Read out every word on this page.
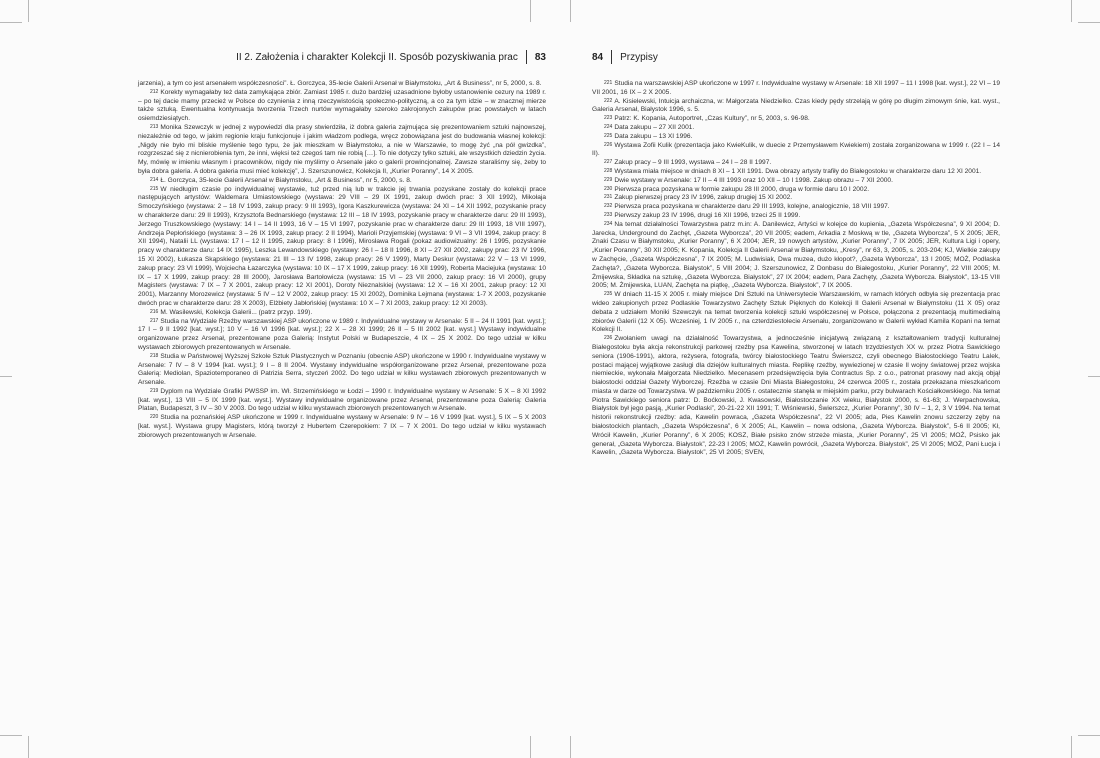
II 2. Założenia i charakter Kolekcji II. Sposób pozyskiwania prac 83

jarzenia), a tym co jest arsenałem współczesności”. Ł. Gorczyca, 35-lecie Galerii Arsenał w Białymstoku, „Art & Business”, nr 5, 2000, s. 8.

$^{212}$ Korekty wymagałaby też data zamykająca zbiór. Zamiast 1985 r. dużo bardziej uzasadnione byłoby ustanowienie cezury na 1989 r. – po tej dacie mamy przecież w Polsce do czynienia z inną rzeczywistością społeczno-polityczną, a co za tym idzie – w znacznej mierze także sztuką. Ewentualna kontynuacja tworzenia Trzech nurtów wymagałaby szeroko zakrojonych zakupów prac powstałych w latach osiemdziesiątych.

$^{213}$ Monika Szewczyk w jednej z wypowiedzi dla prasy stwierdziła, iż dobra galeria zajmująca się prezentowaniem sztuki najnowszej, niezależnie od tego, w jakim regionie kraju funkcjonuje i jakim władzom podlega, wręcz zobowiązana jest do budowania własnej kolekcji: „Nigdy nie było mi bliskie myślenie tego typu, że jak mieszkam w Białymstoku, a nie w Warszawie, to mogę żyć „na pół gwizdka”, rozgrzeszać się z nicnierobienia tym, że inni, więksi też czegoś tam nie robią […]. To nie dotyczy tylko sztuki, ale wszystkich dziedzin życia. My, mówię w imieniu własnym i pracowników, nigdy nie myślimy o Arsenale jako o galerii prowincjonalnej. Zawsze staraliśmy się, żeby to była dobra galeria. A dobra galeria musi mieć kolekcję”, J. Szerszunowicz, Kolekcja II, „Kurier Poranny”, 14 X 2005.

$^{214}$ Ł. Gorczyca, 35-lecie Galerii Arsenał w Białymstoku, „Art & Business”, nr 5, 2000, s. 8.

$^{215}$ W niedługim czasie po indywidualnej wystawie, tuż przed nią lub w trakcie jej trwania pozyskane zostały do kolekcji prace następujących artystów: Waldemara Umiastowskiego (wystawa: 29 VIII – 29 IX 1991, zakup dwóch prac: 3 XII 1992), Mikołaja Smoczyńskiego (wystawa: 2 – 18 IV 1993, zakup pracy: 9 III 1993), Igora Kaszkurewicza (wystawa: 24 XI – 14 XII 1992, pozyskanie pracy w charakterze daru: 29 II 1993), Krzysztofa Bednarskiego (wystawa: 12 III – 18 IV 1993, pozyskanie pracy w charakterze daru: 29 III 1993), Jerzego Truszkowskiego (wystawy: 14 I – 14 II 1993, 16 V – 15 VI 1997, pozyskanie prac w charakterze daru: 29 III 1993, 18 VIII 1997), Andrzeja Pepłońskiego (wystawa: 3 – 26 IX 1993, zakup pracy: 2 II 1994), Marioli Przyjemskiej (wystawa: 9 VI – 3 VII 1994, zakup pracy: 8 XII 1994), Natalii LL (wystawa: 17 I – 12 II 1995, zakup pracy: 8 I 1996), Mirosława Rogali (pokaz audiowizualny: 26 I 1995, pozyskanie pracy w charakterze daru: 14 IX 1995), Leszka Lewandowskiego (wystawy: 26 I – 18 II 1996, 8 XI – 27 XII 2002, zakupy prac: 23 IV 1996, 15 XI 2002), Łukasza Skąpskiego (wystawa: 21 III – 13 IV 1998, zakup pracy: 26 V 1999), Marty Deskur (wystawa: 22 V – 13 VI 1999, zakup pracy: 23 VI 1999), Wojciecha Łazarczyka (wystawa: 10 IX – 17 X 1999, zakup pracy: 16 XII 1999), Roberta Maciejuka (wystawa: 10 IX – 17 X 1999, zakup pracy: 28 III 2000), Jarosława Bartołowicza (wystawa: 15 VI – 23 VII 2000, zakup pracy: 16 VI 2000), grupy Magisters (wystawa: 7 IX – 7 X 2001, zakup pracy: 12 XI 2001), Doroty Nieznalskiej (wystawa: 12 X – 16 XI 2001, zakup pracy: 12 XI 2001), Marzanny Morozewicz (wystawa: 5 IV – 12 V 2002, zakup pracy: 15 XI 2002), Dominika Lejmana (wystawa: 1-7 X 2003, pozyskanie dwóch prac w charakterze daru: 28 X 2003), Elżbiety Jabłońskiej (wystawa: 10 X – 7 XI 2003, zakup pracy: 12 XI 2003).

$^{216}$ M. Wasilewski, Kolekcja Galerii... (patrz przyp. 199).

$^{217}$ Studia na Wydziale Rzeźby warszawskiej ASP ukończone w 1989 r. Indywidualne wystawy w Arsenale: 5 II – 24 II 1991 [kat. wyst.]; 17 I – 9 II 1992 [kat. wyst.]; 10 V – 16 VI 1996 [kat. wyst.]; 22 X – 28 XI 1999; 26 II – 5 III 2002 [kat. wyst.] Wystawy indywidualne organizowane przez Arsenał, prezentowane poza Galerią: Instytut Polski w Budapeszcie, 4 IX – 25 X 2002. Do tego udział w kilku wystawach zbiorowych prezentowanych w Arsenale.

$^{218}$ Studia w Państwowej Wyższej Szkole Sztuk Plastycznych w Poznaniu (obecnie ASP) ukończone w 1990 r. Indywidualne wystawy w Arsenale: 7 IV – 8 V 1994 [kat. wyst.]; 9 I – 8 II 2004. Wystawy indywidualne współorganizowane przez Arsenał, prezentowane poza Galerią: Mediolan, Spaziotemporaneo di Patrizia Serra, styczeń 2002. Do tego udział w kilku wystawach zbiorowych prezentowanych w Arsenale.

$^{219}$ Dyplom na Wydziale Grafiki PWSSP im. Wł. Strzemińskiego w Łodzi – 1990 r. Indywidualne wystawy w Arsenale: 5 X – 8 XI 1992 [kat. wyst.], 13 VIII – 5 IX 1999 [kat. wyst.]. Wystawy indywidualne organizowane przez Arsenał, prezentowane poza Galerią: Galeria Platan, Budapeszt, 3 IV – 30 V 2003. Do tego udział w kilku wystawach zbiorowych prezentowanych w Arsenale.

$^{220}$ Studia na poznańskiej ASP ukończone w 1999 r. Indywidualne wystawy w Arsenale: 9 IV – 16 V 1999 [kat. wyst.], 5 IX – 5 X 2003 [kat. wyst.]. Wystawa grupy Magisters, którą tworzył z Hubertem Czerepokiem: 7 IX – 7 X 2001. Do tego udział w kilku wystawach zbiorowych prezentowanych w Arsenale.

84 Przypisy

$^{221}$ Studia na warszawskiej ASP ukończone w 1997 r. Indywidualne wystawy w Arsenale: 18 XII 1997 – 11 I 1998 [kat. wyst.], 22 VI – 19 VII 2001, 16 IX – 2 X 2005.

$^{222}$ A. Kisielewski, Intuicja archaiczna, w: Małgorzata Niedzielko. Czas kiedy pędy strzelają w górę po długim zimowym śnie, kat. wyst., Galeria Arsenał, Białystok 1996, s. 5.

$^{223}$ Patrz: K. Kopania, Autoportret, „Czas Kultury”, nr 5, 2003, s. 96-98.

$^{224}$ Data zakupu – 27 XII 2001.

$^{225}$ Data zakupu – 13 XI 1996.

$^{226}$ Wystawa Zofii Kulik (prezentacja jako KwieKulik, w duecie z Przemysławem Kwiekiem) została zorganizowana w 1999 r. (22 I – 14 II).

$^{227}$ Zakup pracy – 9 III 1993, wystawa – 24 I – 28 II 1997.

$^{228}$ Wystawa miała miejsce w dniach 8 XI – 1 XII 1991. Dwa obrazy artysty trafiły do Białegostoku w charakterze daru 12 XI 2001.

$^{229}$ Dwie wystawy w Arsenale: 17 II – 4 III 1993 oraz 10 XII – 10 I 1998. Zakup obrazu – 7 XII 2000.

$^{230}$ Pierwsza praca pozyskana w formie zakupu 28 III 2000, druga w formie daru 10 I 2002.

$^{231}$ Zakup pierwszej pracy 23 IV 1996, zakup drugiej 15 XI 2002.

$^{232}$ Pierwsza praca pozyskana w charakterze daru 29 III 1993, kolejne, analogicznie, 18 VIII 1997.

$^{233}$ Pierwszy zakup 23 IV 1996, drugi 16 XII 1996, trzeci 25 II 1999.

$^{234}$ Na temat działalności Towarzystwa patrz m.in: A. Danilewicz, Artyści w kolejce do kupienia, „Gazeta Współczesna”, 9 XI 2004; D. Jarecka, Underground do Zachęt, „Gazeta Wyborcza”, 20 VII 2005; eadem, Arkadia z Moskwą w tle, „Gazeta Wyborcza”, 5 X 2005; JER, Znaki Czasu w Białymstoku, „Kurier Poranny”, 6 X 2004; JER, 19 nowych artystów, „Kurier Poranny”, 7 IX 2005; JER, Kultura Ligi i opery, „Kurier Poranny”, 30 XII 2005; K. Kopania, Kolekcja II Galerii Arsenał w Białymstoku, „Kresy”, nr 63, 3, 2005, s. 203-204; KJ, Wielkie zakupy w Zachęcie, „Gazeta Współczesna”, 7 IX 2005; M. Ludwisiak, Dwa muzea, dużo kłopot?, „Gazeta Wyborcza”, 13 I 2005; MOŻ, Podlaska Zachęta?, „Gazeta Wyborcza. Białystok”, 5 VIII 2004; J. Szerszunowicz, Z Donbasu do Białegostoku, „Kurier Poranny”, 22 VIII 2005; M. Żmijewska, Składka na sztukę, „Gazeta Wyborcza. Białystok”, 27 IX 2004; eadem, Para Zachęty, „Gazeta Wyborcza. Białystok”, 13-15 VIII 2005; M. Żmijewska, LUAN, Zachęta na piątkę, „Gazeta Wyborcza. Białystok”, 7 IX 2005.

$^{235}$ W dniach 11-15 X 2005 r. miały miejsce Dni Sztuki na Uniwersytecie Warszawskim, w ramach których odbyła się prezentacja prac wideo zakupionych przez Podlaskie Towarzystwo Zachęty Sztuk Pięknych do Kolekcji II Galerii Arsenał w Białymstoku (11 X 05) oraz debata z udziałem Moniki Szewczyk na temat tworzenia kolekcji sztuki współczesnej w Polsce, połączona z prezentacją multimedialną zbiorów Galerii (12 X 05). Wcześniej, 1 IV 2005 r., na czterdziestolecie Arsenału, zorganizowano w Galerii wykład Kamila Kopani na temat Kolekcji II.

$^{236}$ Zwołaniem uwagi na działalność Towarzystwa, a jednocześnie inicjatywą związaną z kształtowaniem tradycji kulturalnej Białegostoku była akcja rekonstrukcji parkowej rzeźby psa Kawelina, stworzonej w latach trzydziestych XX w. przez Piotra Sawickiego seniora (1906-1991), aktora, reżysera, fotografa, twórcy białostockiego Teatru Świerszcz, czyli obecnego Białostockiego Teatru Lalek, postaci mającej wyjątkowe zasługi dla dziejów kulturalnych miasta. Replikę rzeźby, wywiezionej w czasie II wojny światowej przez wojska niemieckie, wykonała Małgorzata Niedzielko. Mecenasem przedsięwzięcia była Contractus Sp. z o.o., patronat prasowy nad akcją objął białostocki oddział Gazety Wyborczej. Rzeźba w czasie Dni Miasta Białegostoku, 24 czerwca 2005 r., została przekazana mieszkańcom miasta w darze od Towarzystwa. W październiku 2005 r. ostatecznie stanęła w miejskim parku, przy bulwarach Kościałkowskiego. Na temat Piotra Sawickiego seniora patrz: D. Boćkowski, J. Kwasowski, Białostoczanie XX wieku, Białystok 2000, s. 61-63; J. Werpachowska, Białystok był jego pasją, „Kurier Podlaski”, 20-21-22 XII 1991; T. Wiśniewski, Świerszcz, „Kurier Poranny”, 30 IV – 1, 2, 3 V 1994. Na temat historii rekonstrukcji rzeźby: ada, Kawelin powraca, „Gazeta Współczesna”, 22 VI 2005; ada, Pies Kawelin znowu szczerzy zęby na białostockich plantach, „Gazeta Współczesna”, 6 X 2005; AL, Kawelin – nowa odsłona, „Gazeta Wyborcza. Białystok”, 5-6 II 2005; Kł, Wrócił Kawelin, „Kurier Poranny”, 6 X 2005; KOSZ, Białe psisko znów strzeże miasta, „Kurier Poranny”, 25 VI 2005; MOŻ, Psisko jak generał, „Gazeta Wyborcza. Białystok”, 22-23 I 2005; MOŻ, Kawelin powrócił, „Gazeta Wyborcza. Białystok”, 25 VI 2005; MOŻ, Pani Łucja i Kawelin, „Gazeta Wyborcza. Białystok”, 25 VI 2005; SVEN,
